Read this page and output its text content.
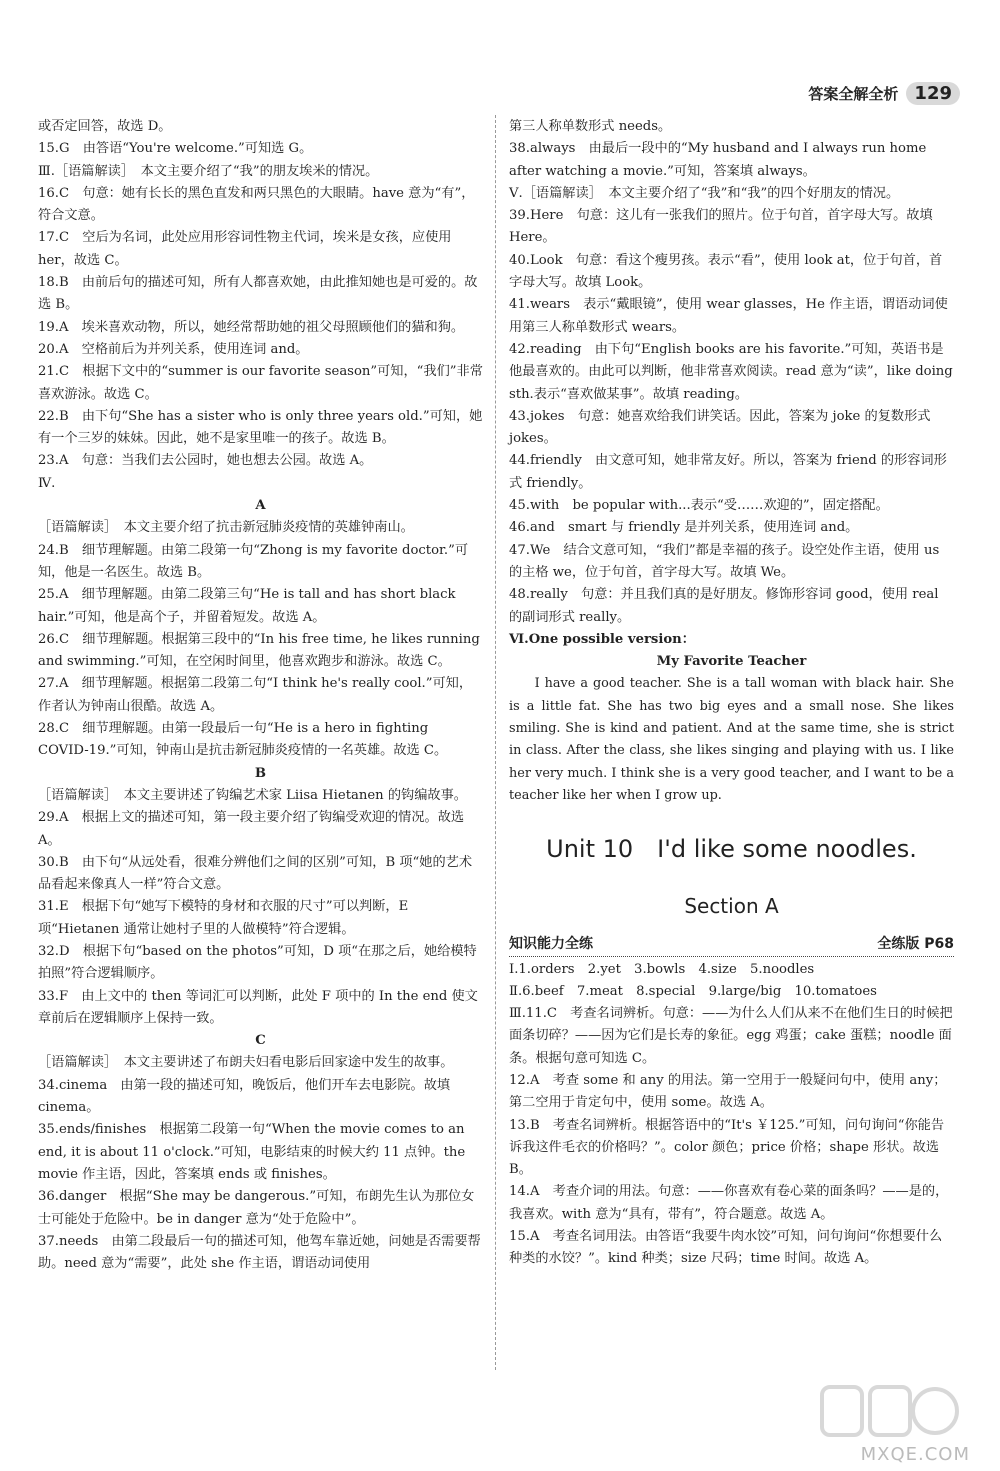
答案全解全析 129

或否定回答，故选 D。

15.G　由答语“You're welcome.”可知选 G。

Ⅲ.［语篇解读］　本文主要介绍了“我”的朋友埃米的情况。

16.C　句意：她有长长的黑色直发和两只黑色的大眼睛。have 意为“有”，符合文意。

17.C　空后为名词，此处应用形容词性物主代词，埃米是女孩，应使用 her，故选 C。

18.B　由前后句的描述可知，所有人都喜欢她，由此推知她也是可爱的。故选 B。

19.A　埃米喜欢动物，所以，她经常帮助她的祖父母照顾他们的猫和狗。

20.A　空格前后为并列关系，使用连词 and。

21.C　根据下文中的“summer is our favorite season”可知，“我们”非常喜欢游泳。故选 C。

22.B　由下句“She has a sister who is only three years old.”可知，她有一个三岁的妹妹。因此，她不是家里唯一的孩子。故选 B。

23.A　句意：当我们去公园时，她也想去公园。故选 A。

Ⅳ.

A

［语篇解读］　本文主要介绍了抗击新冠肺炎疫情的英雄钟南山。

24.B　细节理解题。由第二段第一句“Zhong is my favorite doctor.”可知，他是一名医生。故选 B。

25.A　细节理解题。由第二段第三句“He is tall and has short black hair.”可知，他是高个子，并留着短发。故选 A。

26.C　细节理解题。根据第三段中的“In his free time, he likes running and swimming.”可知，在空闲时间里，他喜欢跑步和游泳。故选 C。

27.A　细节理解题。根据第二段第二句“I think he's really cool.”可知，作者认为钟南山很酷。故选 A。

28.C　细节理解题。由第一段最后一句“He is a hero in fighting COVID-19.”可知，钟南山是抗击新冠肺炎疫情的一名英雄。故选 C。

B

［语篇解读］　本文主要讲述了钩编艺术家 Liisa Hietanen 的钩编故事。

29.A　根据上文的描述可知，第一段主要介绍了钩编受欢迎的情况。故选 A。

30.B　由下句“从远处看，很难分辨他们之间的区别”可知，B 项“她的艺术品看起来像真人一样”符合文意。

31.E　根据下句“她写下模特的身材和衣服的尺寸”可以判断，E 项“Hietanen 通常让她村子里的人做模特”符合逻辑。

32.D　根据下句“based on the photos”可知，D 项“在那之后，她给模特拍照”符合逻辑顺序。

33.F　由上文中的 then 等词汇可以判断，此处 F 项中的 In the end 使文章前后在逻辑顺序上保持一致。

C

［语篇解读］　本文主要讲述了布朗夫妇看电影后回家途中发生的故事。

34.cinema　由第一段的描述可知，晚饭后，他们开车去电影院。故填 cinema。

35.ends/finishes　根据第二段第一句“When the movie comes to an end, it is about 11 o'clock.”可知，电影结束的时候大约 11 点钟。the movie 作主语，因此，答案填 ends 或 finishes。

36.danger　根据“She may be dangerous.”可知，布朗先生认为那位女士可能处于危险中。be in danger 意为“处于危险中”。

37.needs　由第二段最后一句的描述可知，他驾车靠近她，问她是否需要帮助。need 意为“需要”，此处 she 作主语，谓语动词使用

第三人称单数形式 needs。

38.always　由最后一段中的“My husband and I always run home after watching a movie.”可知，答案填 always。

Ⅴ.［语篇解读］　本文主要介绍了“我”和“我”的四个好朋友的情况。

39.Here　句意：这儿有一张我们的照片。位于句首，首字母大写。故填 Here。

40.Look　句意：看这个瘦男孩。表示“看”，使用 look at，位于句首，首字母大写。故填 Look。

41.wears　表示“戴眼镜”，使用 wear glasses，He 作主语，谓语动词使用第三人称单数形式 wears。

42.reading　由下句“English books are his favorite.”可知，英语书是他最喜欢的。由此可以判断，他非常喜欢阅读。read 意为“读”，like doing sth.表示“喜欢做某事”。故填 reading。

43.jokes　句意：她喜欢给我们讲笑话。因此，答案为 joke 的复数形式 jokes。

44.friendly　由文意可知，她非常友好。所以，答案为 friend 的形容词形式 friendly。

45.with　be popular with...表示“受……欢迎的”，固定搭配。

46.and　smart 与 friendly 是并列关系，使用连词 and。

47.We　结合文意可知，“我们”都是幸福的孩子。设空处作主语，使用 us 的主格 we，位于句首，首字母大写。故填 We。

48.really　句意：并且我们真的是好朋友。修饰形容词 good，使用 real 的副词形式 really。

Ⅵ.One possible version：

My Favorite Teacher

I have a good teacher. She is a tall woman with black hair. She is a little fat. She has two big eyes and a small nose. She likes smiling. She is kind and patient. And at the same time, she is strict in class. After the class, she likes singing and playing with us. I like her very much. I think she is a very good teacher, and I want to be a teacher like her when I grow up.

Unit 10　I'd like some noodles.

Section A

知识能力全练	全练版 P68

Ⅰ.1.orders　2.yet　3.bowls　4.size　5.noodles

Ⅱ.6.beef　7.meat　8.special　9.large/big　10.tomatoes

Ⅲ.11.C　考查名词辨析。句意：——为什么人们从来不在他们生日的时候把面条切碎？——因为它们是长寿的象征。egg 鸡蛋；cake 蛋糕；noodle 面条。根据句意可知选 C。

12.A　考查 some 和 any 的用法。第一空用于一般疑问句中，使用 any；第二空用于肯定句中，使用 some。故选 A。

13.B　考查名词辨析。根据答语中的“It's ￥125.”可知，问句询问“你能告诉我这件毛衣的价格吗？”。color 颜色；price 价格；shape 形状。故选 B。

14.A　考查介词的用法。句意：——你喜欢有卷心菜的面条吗？——是的，我喜欢。with 意为“具有，带有”，符合题意。故选 A。

15.A　考查名词用法。由答语“我要牛肉水饺”可知，问句询问“你想要什么种类的水饺？”。kind 种类；size 尺码；time 时间。故选 A。

MXQE.COM
